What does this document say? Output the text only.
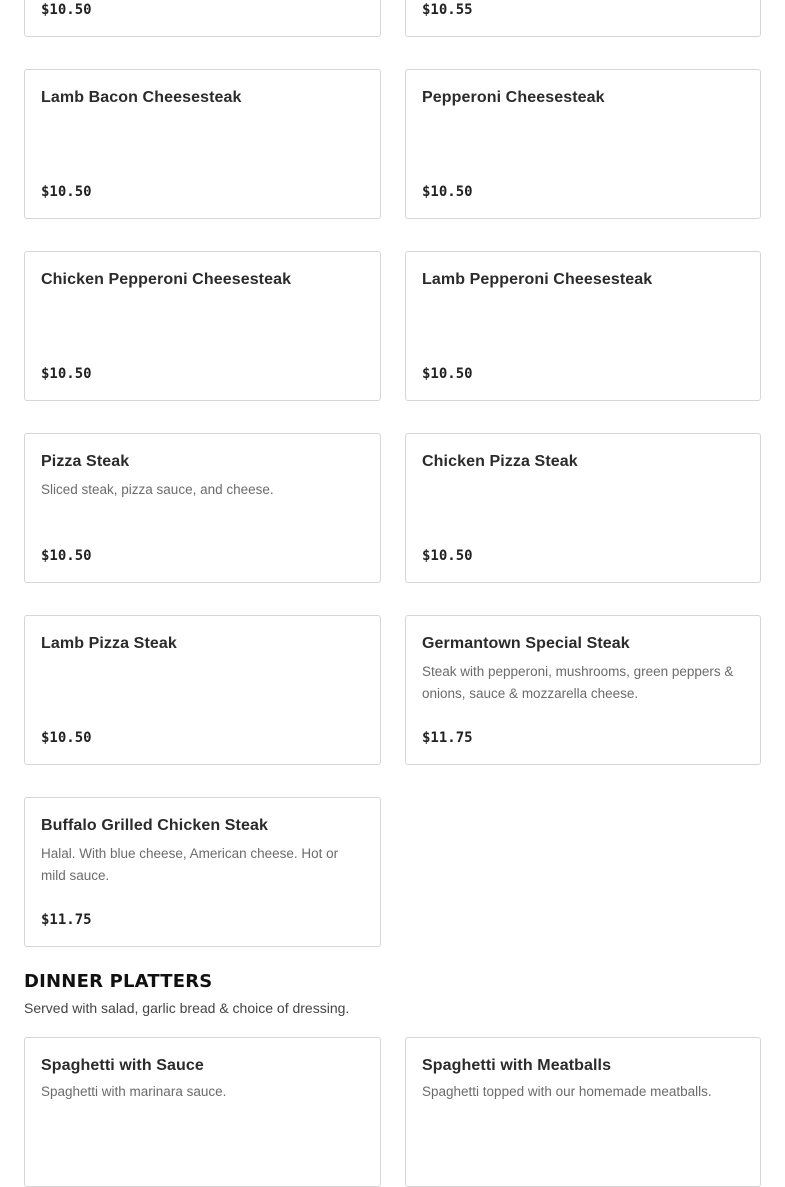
$10.50	$10.55
Lamb Bacon Cheesesteak
$10.50
Pepperoni Cheesesteak
$10.50
Chicken Pepperoni Cheesesteak
$10.50
Lamb Pepperoni Cheesesteak
$10.50
Pizza Steak
Sliced steak, pizza sauce, and cheese.
$10.50
Chicken Pizza Steak
$10.50
Lamb Pizza Steak
$10.50
Germantown Special Steak
Steak with pepperoni, mushrooms, green peppers & onions, sauce & mozzarella cheese.
$11.75
Buffalo Grilled Chicken Steak
Halal. With blue cheese, American cheese. Hot or mild sauce.
$11.75
DINNER PLATTERS
Served with salad, garlic bread & choice of dressing.
Spaghetti with Sauce
Spaghetti with marinara sauce.
Spaghetti with Meatballs
Spaghetti topped with our homemade meatballs.
